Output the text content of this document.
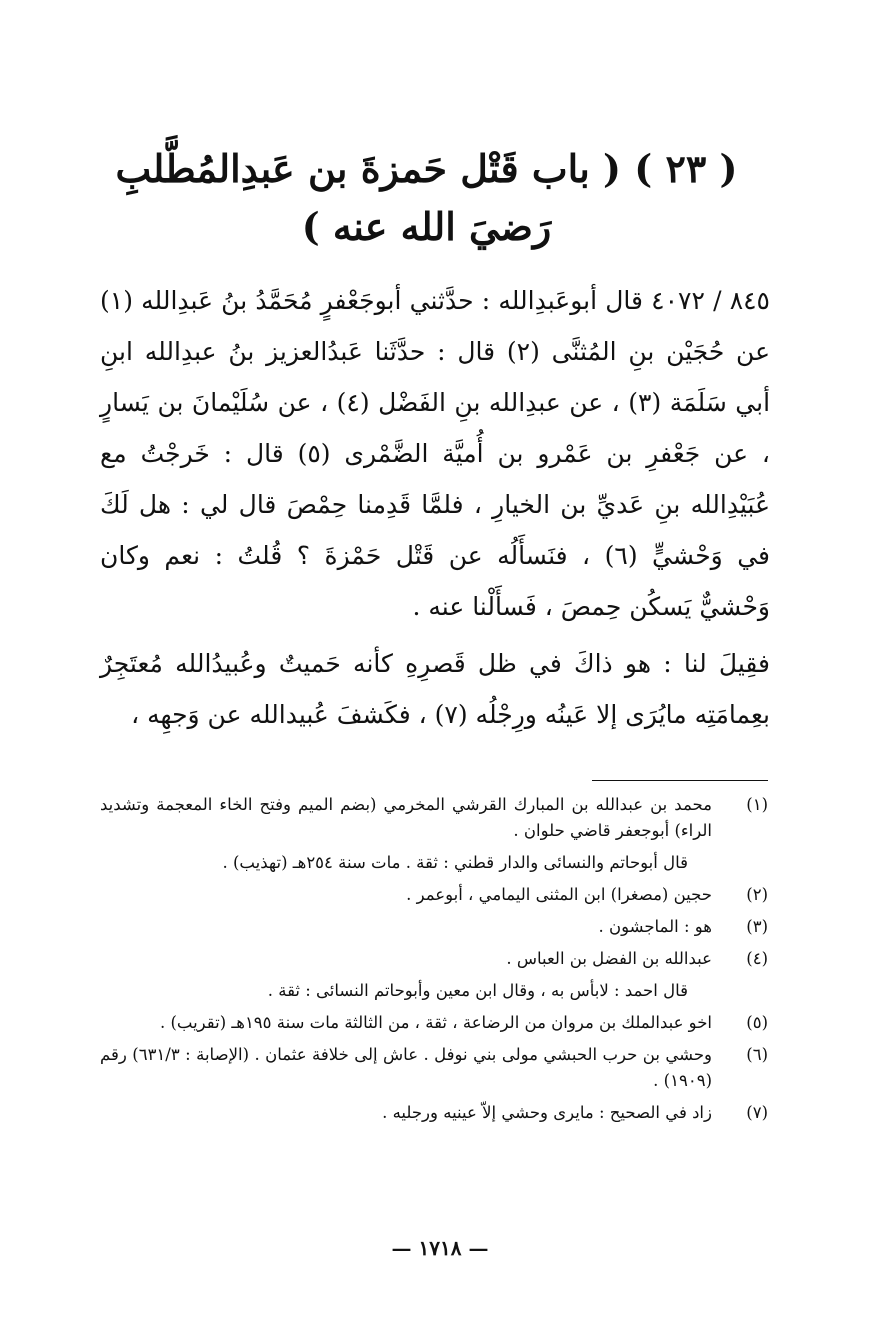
( ٢٣ ) ( باب قَتْل حَمزةَ بن عَبدِالمُطَّلبِ رَضيَ الله عنه )

٨٤٥ / ٤٠٧٢ قال أبوعَبدِالله : حدَّثني أبوجَعْفرٍ مُحَمَّدُ بنُ عَبدِالله (١) عن حُجَيْن بنِ المُثنَّى (٢) قال : حدَّثَنا عَبدُالعزيز بنُ عبدِالله ابنِ أبي سَلَمَة (٣) ، عن عبدِالله بنِ الفَضْل (٤) ، عن سُلَيْمانَ بن يَسارٍ ، عن جَعْفرِ بن عَمْرو بن أُميَّة الضَّمْرى (٥) قال : خَرجْتُ مع عُبَيْدِالله بنِ عَديِّ بن الخيارِ ، فلمَّا قَدِمنا حِمْصَ قال لي : هل لَكَ في وَحْشيٍّ (٦) ، فنَسأَلُه عن قَتْل حَمْزةَ ؟ قُلتُ : نعم وكان وَحْشيٌّ يَسكُن حِمصَ ، فَسأَلْنا عنه .

فقِيلَ لنا : هو ذاكَ في ظل قَصرِهِ كأنه حَميتٌ وعُبيدُالله مُعتَجِرٌ بعِمامَتِه مايُرَى إلا عَينُه ورِجْلُه (٧) ، فكَشفَ عُبيدالله عن وَجهِه ،

(١)
محمد بن عبدالله بن المبارك القرشي المخرمي (بضم الميم وفتح الخاء المعجمة وتشديد الراء) أبوجعفر قاضي حلوان .
قال أبوحاتم والنسائى والدار قطني : ثقة . مات سنة ٢٥٤هـ (تهذيب) .
(٢)
حجين (مصغرا) ابن المثنى اليمامي ، أبوعمر .
(٣)
هو : الماجشون .
(٤)
عبدالله بن الفضل بن العباس .
قال احمد : لابأس به ، وقال ابن معين وأبوحاتم النسائى : ثقة .
(٥)
اخو عبدالملك بن مروان من الرضاعة ، ثقة ، من الثالثة مات سنة ١٩٥هـ (تقريب) .
(٦)
وحشي بن حرب الحبشي مولى بني نوفل . عاش إلى خلافة عثمان . (الإصابة : ٦٣١/٣) رقم (١٩٠٩) .
(٧)
زاد في الصحيح : مايرى وحشي إلاّ عينيه ورجليه .
— ١٧١٨ —
